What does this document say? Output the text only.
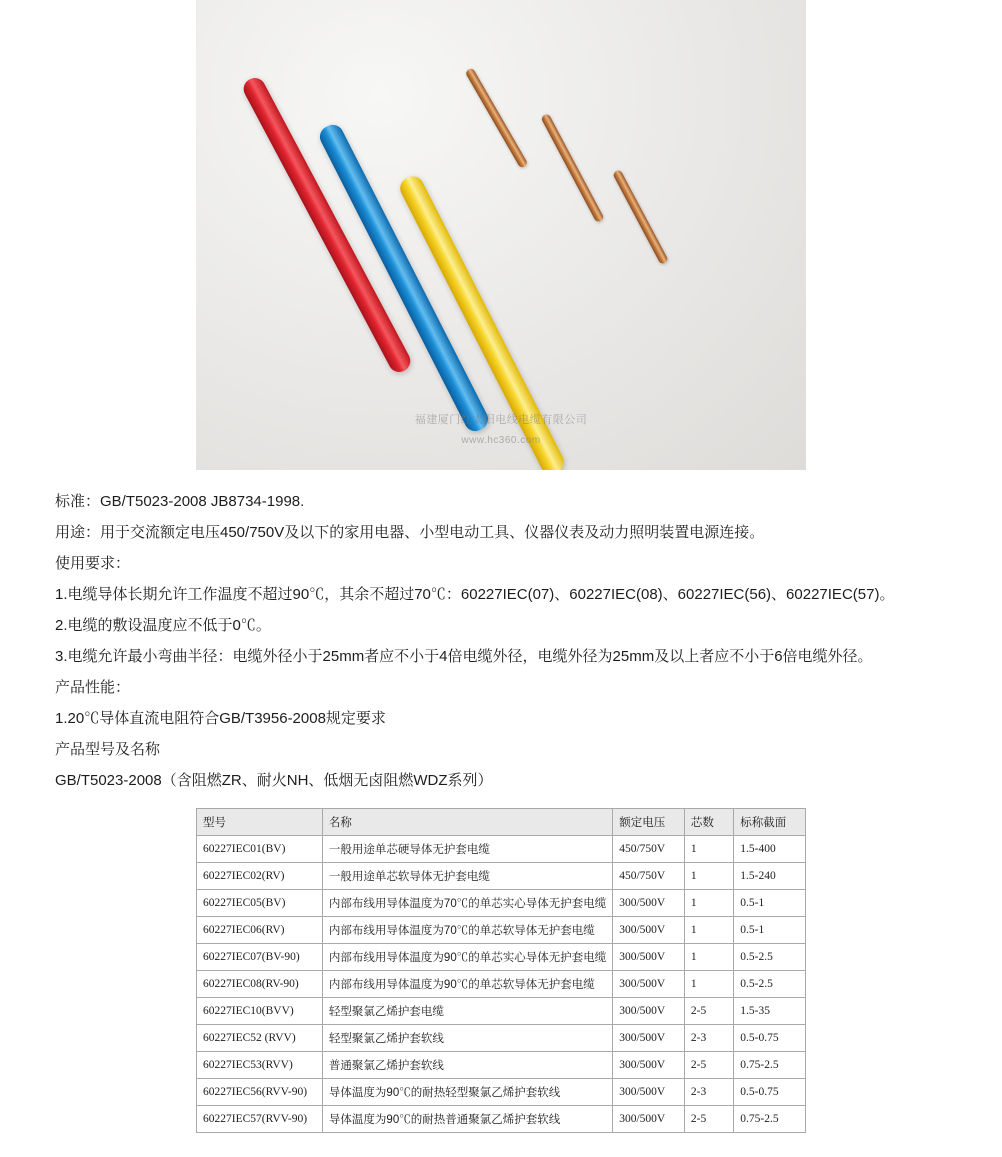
福建厦门红太阳电线电缆有限公司
www.hc360.com

标准：GB/T5023-2008 JB8734-1998.

用途：用于交流额定电压450/750V及以下的家用电器、小型电动工具、仪器仪表及动力照明装置电源连接。

使用要求：

1.电缆导体长期允许工作温度不超过90℃，其余不超过70℃：60227IEC(07)、60227IEC(08)、60227IEC(56)、60227IEC(57)。

2.电缆的敷设温度应不低于0℃。

3.电缆允许最小弯曲半径：电缆外径小于25mm者应不小于4倍电缆外径，电缆外径为25mm及以上者应不小于6倍电缆外径。

产品性能：

1.20℃导体直流电阻符合GB/T3956-2008规定要求

产品型号及名称

GB/T5023-2008（含阻燃ZR、耐火NH、低烟无卤阻燃WDZ系列）

型号	名称	额定电压	芯数	标称截面
60227IEC01(BV)	一般用途单芯硬导体无护套电缆	450/750V	1	1.5-400
60227IEC02(RV)	一般用途单芯软导体无护套电缆	450/750V	1	1.5-240
60227IEC05(BV)	内部布线用导体温度为70℃的单芯实心导体无护套电缆	300/500V	1	0.5-1
60227IEC06(RV)	内部布线用导体温度为70℃的单芯软导体无护套电缆	300/500V	1	0.5-1
60227IEC07(BV-90)	内部布线用导体温度为90℃的单芯实心导体无护套电缆	300/500V	1	0.5-2.5
60227IEC08(RV-90)	内部布线用导体温度为90℃的单芯软导体无护套电缆	300/500V	1	0.5-2.5
60227IEC10(BVV)	轻型聚氯乙烯护套电缆	300/500V	2-5	1.5-35
60227IEC52 (RVV)	轻型聚氯乙烯护套软线	300/500V	2-3	0.5-0.75
60227IEC53(RVV)	普通聚氯乙烯护套软线	300/500V	2-5	0.75-2.5
60227IEC56(RVV-90)	导体温度为90℃的耐热轻型聚氯乙烯护套软线	300/500V	2-3	0.5-0.75
60227IEC57(RVV-90)	导体温度为90℃的耐热普通聚氯乙烯护套软线	300/500V	2-5	0.75-2.5
